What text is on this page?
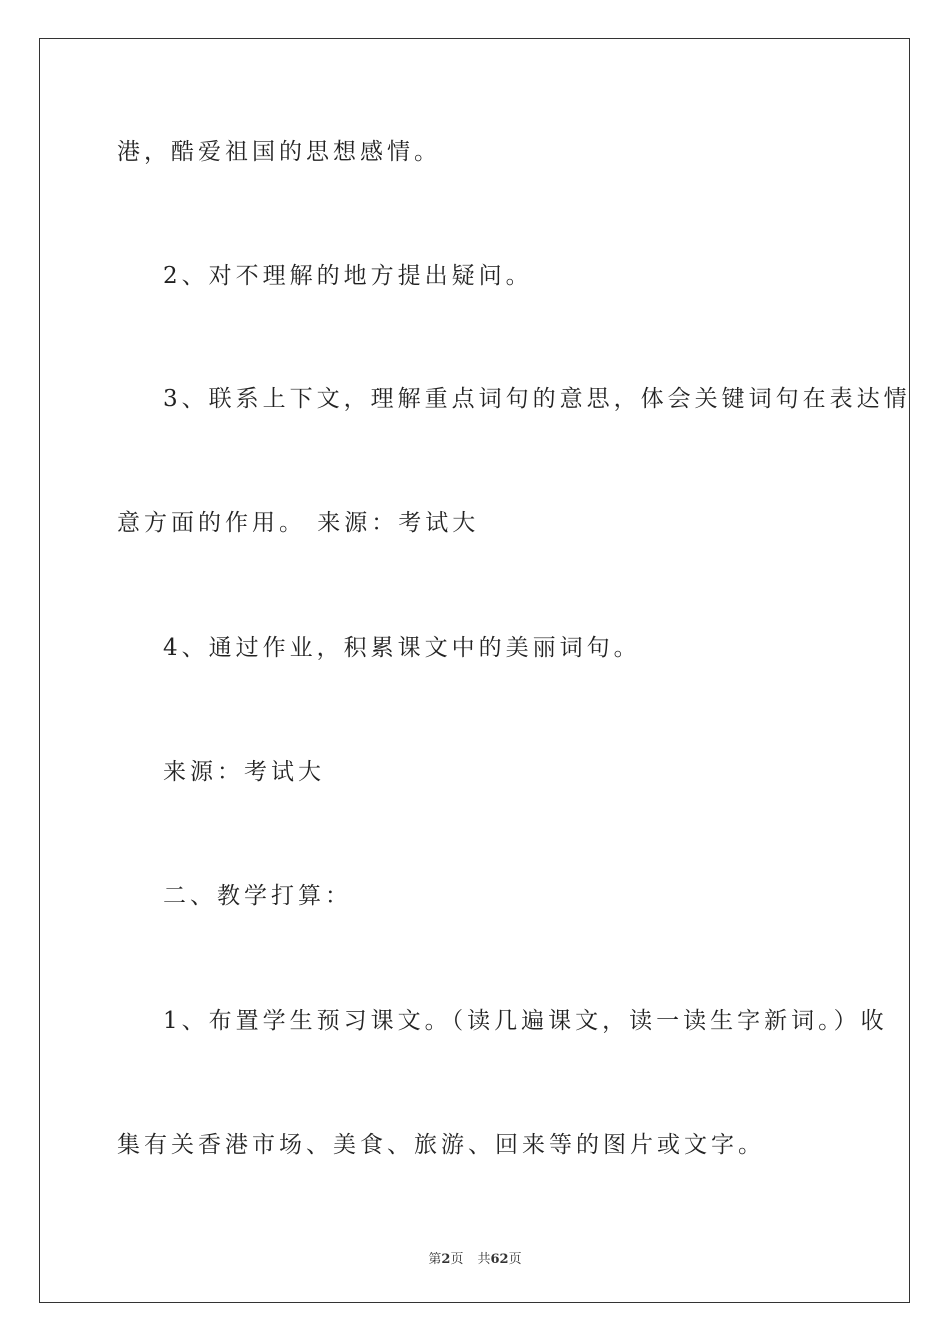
港，酷爱祖国的思想感情。
2、对不理解的地方提出疑问。
3、联系上下文，理解重点词句的意思，体会关键词句在表达情
意方面的作用。 来源：考试大
4、通过作业，积累课文中的美丽词句。
来源：考试大
二、教学打算：
1、布置学生预习课文。（读几遍课文，读一读生字新词。）收
集有关香港市场、美食、旅游、回来等的图片或文字。
第2页 共62页
